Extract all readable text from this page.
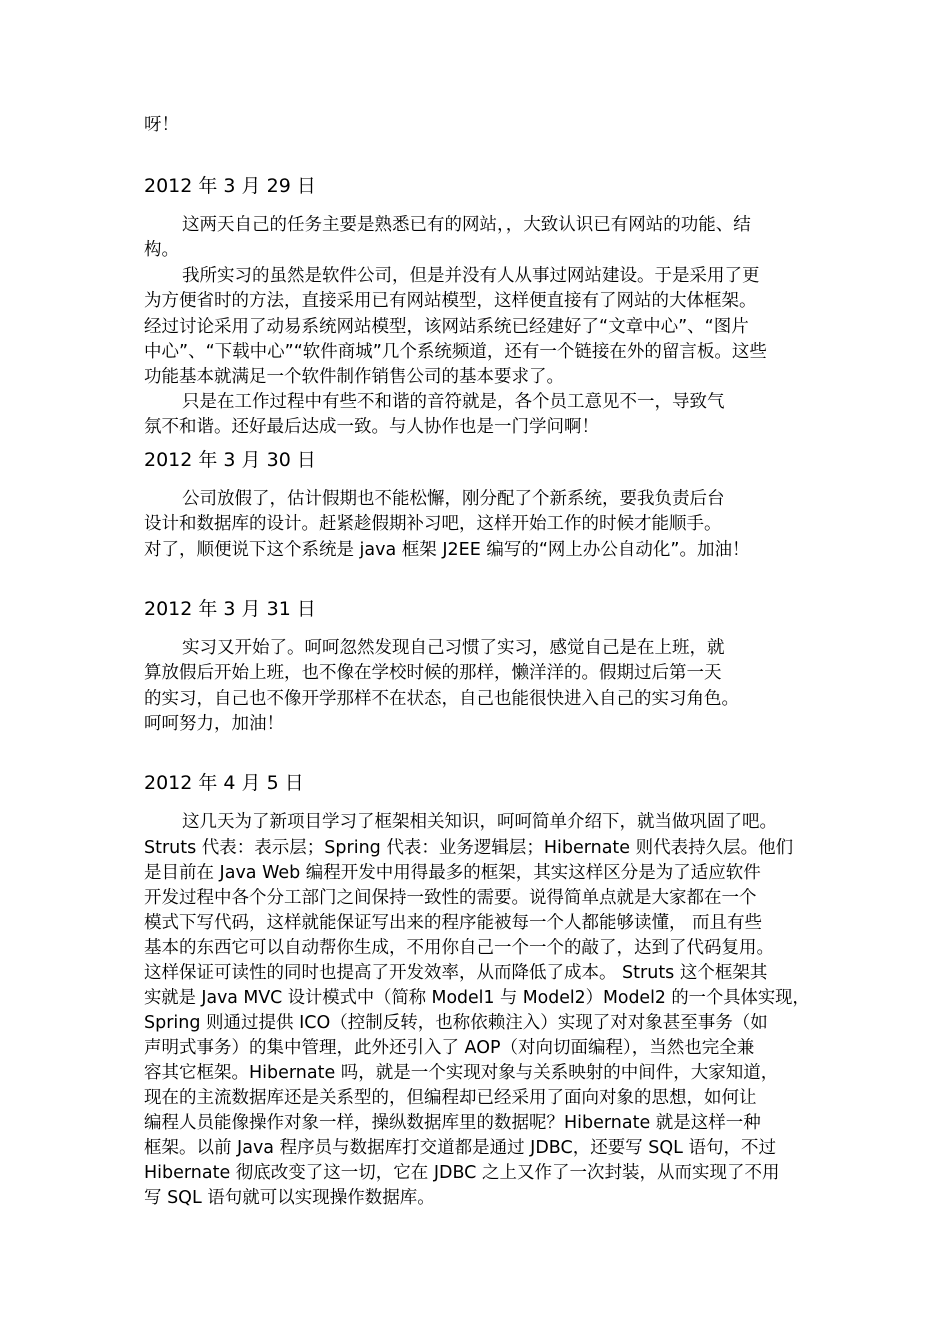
呀！
2012 年 3 月 29 日
这两天自己的任务主要是熟悉已有的网站，，大致认识已有网站的功能、结
构。
我所实习的虽然是软件公司，但是并没有人从事过网站建设。于是采用了更
为方便省时的方法，直接采用已有网站模型，这样便直接有了网站的大体框架。
经过讨论采用了动易系统网站模型，该网站系统已经建好了“文章中心”、“图片
中心”、“下载中心”“软件商城”几个系统频道，还有一个链接在外的留言板。这些
功能基本就满足一个软件制作销售公司的基本要求了。
只是在工作过程中有些不和谐的音符就是，各个员工意见不一，导致气
氛不和谐。还好最后达成一致。与人协作也是一门学问啊！
2012 年 3 月 30 日
公司放假了，估计假期也不能松懈，刚分配了个新系统，要我负责后台
设计和数据库的设计。赶紧趁假期补习吧，这样开始工作的时候才能顺手。
对了，顺便说下这个系统是 java 框架 J2EE 编写的“网上办公自动化”。加油！
2012 年 3 月 31 日
实习又开始了。呵呵忽然发现自己习惯了实习，感觉自己是在上班，就
算放假后开始上班，也不像在学校时候的那样，懒洋洋的。假期过后第一天
的实习，自己也不像开学那样不在状态，自己也能很快进入自己的实习角色。
呵呵努力，加油！
2012 年 4 月 5 日
这几天为了新项目学习了框架相关知识，呵呵简单介绍下，就当做巩固了吧。
Struts 代表：表示层；Spring 代表：业务逻辑层；Hibernate 则代表持久层。他们
是目前在 Java Web 编程开发中用得最多的框架，其实这样区分是为了适应软件
开发过程中各个分工部门之间保持一致性的需要。说得简单点就是大家都在一个
模式下写代码，这样就能保证写出来的程序能被每一个人都能够读懂， 而且有些
基本的东西它可以自动帮你生成，不用你自己一个一个的敲了，达到了代码复用。
这样保证可读性的同时也提高了开发效率，从而降低了成本。 Struts 这个框架其
实就是 Java MVC 设计模式中（简称 Model1 与 Model2）Model2 的一个具体实现，
Spring 则通过提供 ICO（控制反转，也称依赖注入）实现了对对象甚至事务（如
声明式事务）的集中管理，此外还引入了 AOP（对向切面编程），当然也完全兼
容其它框架。Hibernate 吗，就是一个实现对象与关系映射的中间件，大家知道，
现在的主流数据库还是关系型的，但编程却已经采用了面向对象的思想，如何让
编程人员能像操作对象一样，操纵数据库里的数据呢？Hibernate 就是这样一种
框架。以前 Java 程序员与数据库打交道都是通过 JDBC，还要写 SQL 语句，不过
Hibernate 彻底改变了这一切，它在 JDBC 之上又作了一次封装，从而实现了不用
写 SQL 语句就可以实现操作数据库。
